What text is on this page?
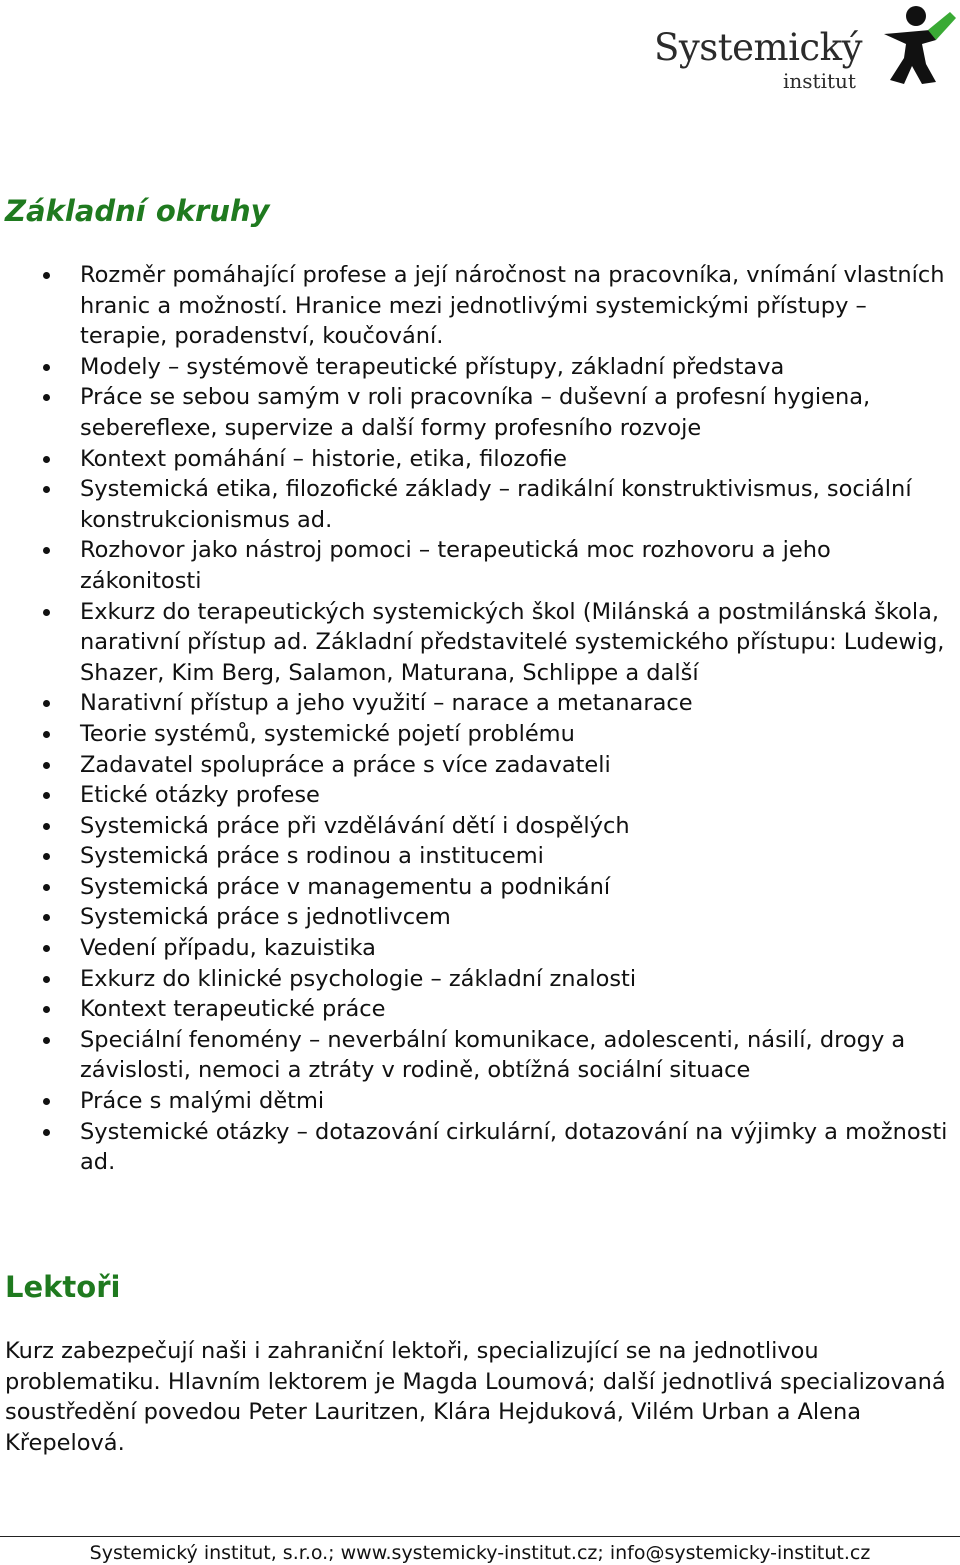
Systemický
institut
Základní okruhy
Rozměr pomáhající profese a její náročnost na pracovníka, vnímání vlastních hranic a možností. Hranice mezi jednotlivými systemickými přístupy – terapie, poradenství, koučování.
Modely – systémově terapeutické přístupy, základní představa
Práce se sebou samým v roli pracovníka – duševní a profesní hygiena, sebereflexe, supervize a další formy profesního rozvoje
Kontext pomáhání – historie, etika, filozofie
Systemická etika, filozofické základy – radikální konstruktivismus, sociální konstrukcionismus ad.
Rozhovor jako nástroj pomoci – terapeutická moc rozhovoru a jeho zákonitosti
Exkurz do terapeutických systemických škol (Milánská a postmilánská škola, narativní přístup ad. Základní představitelé systemického přístupu: Ludewig, Shazer, Kim Berg, Salamon, Maturana, Schlippe a další
Narativní přístup a jeho využití – narace a metanarace
Teorie systémů, systemické pojetí problému
Zadavatel spolupráce a práce s více zadavateli
Etické otázky profese
Systemická práce při vzdělávání dětí i dospělých
Systemická práce s rodinou a institucemi
Systemická práce v managementu a podnikání
Systemická práce s jednotlivcem
Vedení případu, kazuistika
Exkurz do klinické psychologie – základní znalosti
Kontext terapeutické práce
Speciální fenomény – neverbální komunikace, adolescenti, násilí, drogy a závislosti, nemoci a ztráty v rodině, obtížná sociální situace
Práce s malými dětmi
Systemické otázky – dotazování cirkulární, dotazování na výjimky a možnosti ad.
Lektoři

Kurz zabezpečují naši i zahraniční lektoři, specializující se na jednotlivou problematiku. Hlavním lektorem je Magda Loumová; další jednotlivá specializovaná soustředění povedou Peter Lauritzen, Klára Hejduková, Vilém Urban a Alena Křepelová.

Systemický institut, s.r.o.; www.systemicky-institut.cz; info@systemicky-institut.cz
